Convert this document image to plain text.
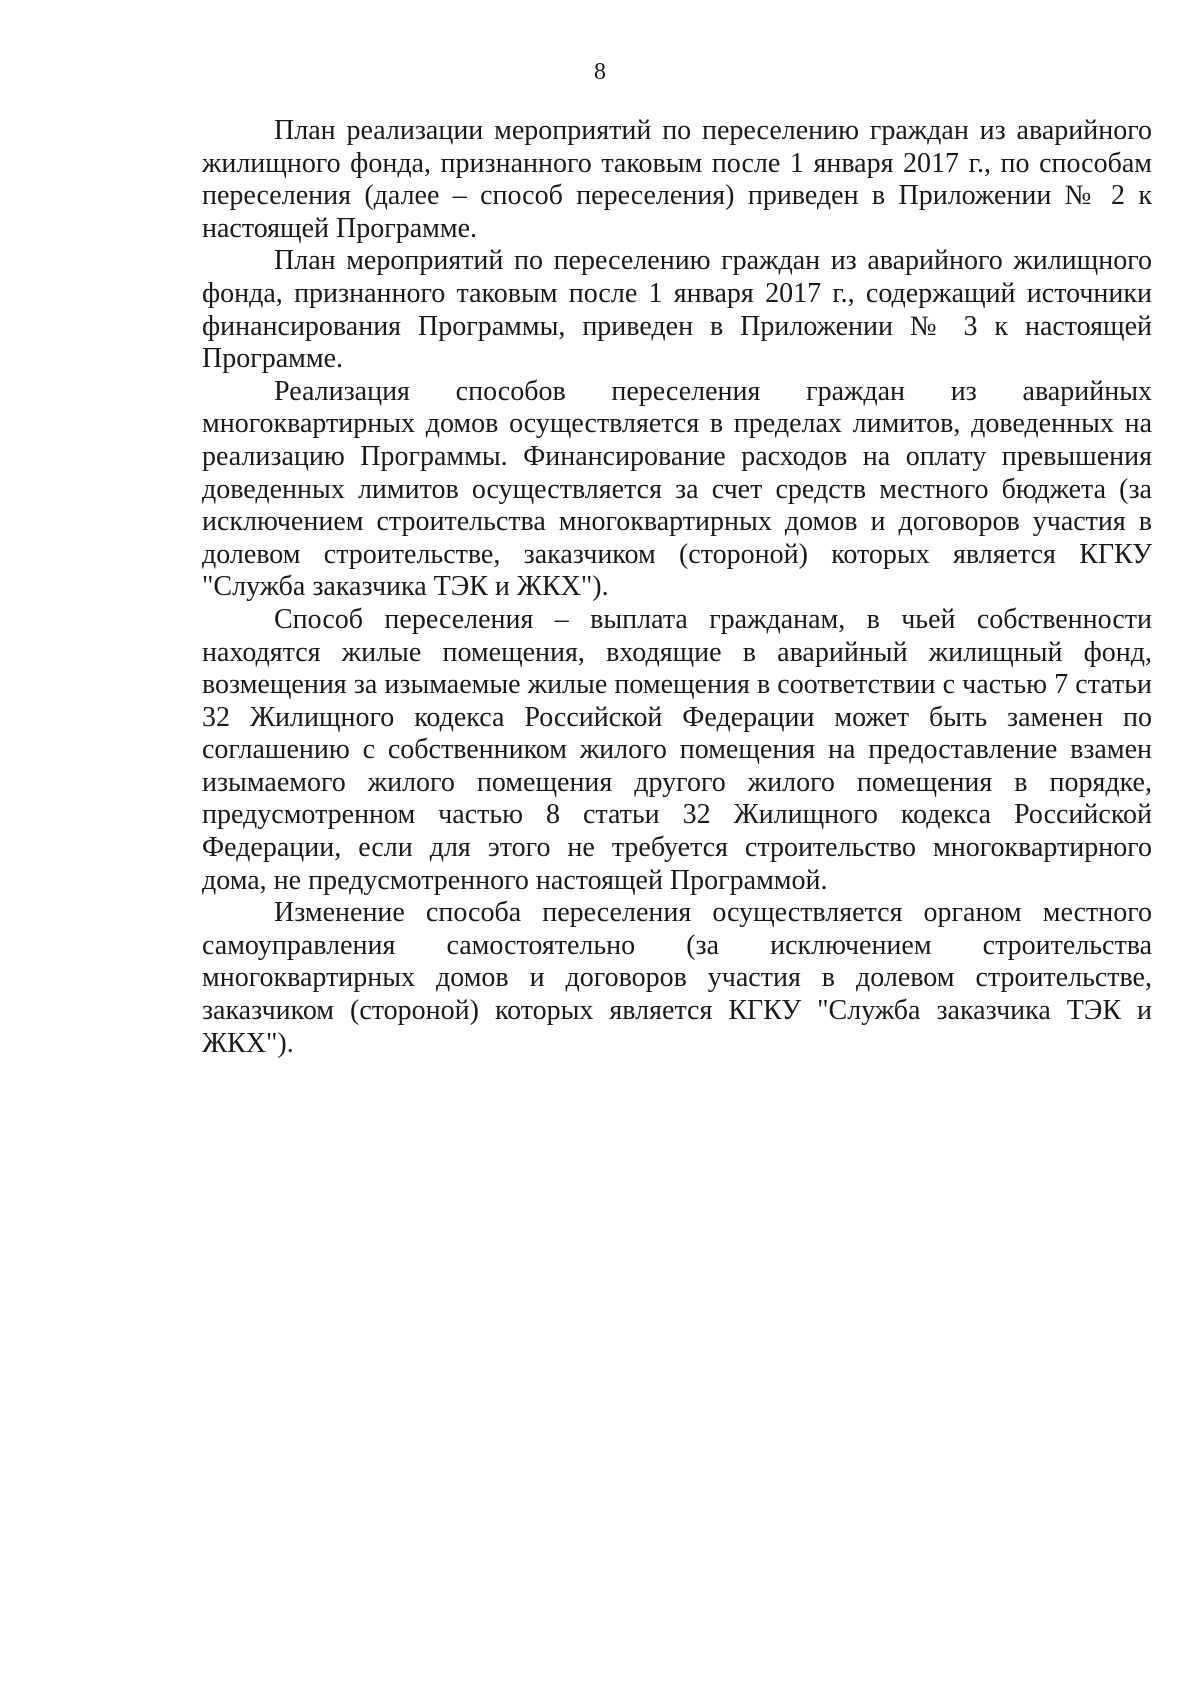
8

План реализации мероприятий по переселению граждан из аварийного жилищного фонда, признанного таковым после 1 января 2017 г., по способам переселения (далее – способ переселения) приведен в Приложении № 2 к настоящей Программе.

План мероприятий по переселению граждан из аварийного жилищного фонда, признанного таковым после 1 января 2017 г., содержащий источники финансирования Программы, приведен в Приложении № 3 к настоящей Программе.

Реализация способов переселения граждан из аварийных многоквартирных домов осуществляется в пределах лимитов, доведенных на реализацию Программы. Финансирование расходов на оплату превышения доведенных лимитов осуществляется за счет средств местного бюджета (за исключением строительства многоквартирных домов и договоров участия в долевом строительстве, заказчиком (стороной) которых является КГКУ "Служба заказчика ТЭК и ЖКХ").

Способ переселения – выплата гражданам, в чьей собственности находятся жилые помещения, входящие в аварийный жилищный фонд, возмещения за изымаемые жилые помещения в соответствии с частью 7 статьи 32 Жилищного кодекса Российской Федерации может быть заменен по соглашению с собственником жилого помещения на предоставление взамен изымаемого жилого помещения другого жилого помещения в порядке, предусмотренном частью 8 статьи 32 Жилищного кодекса Российской Федерации, если для этого не требуется строительство многоквартирного дома, не предусмотренного настоящей Программой.

Изменение способа переселения осуществляется органом местного самоуправления самостоятельно (за исключением строительства многоквартирных домов и договоров участия в долевом строительстве, заказчиком (стороной) которых является КГКУ "Служба заказчика ТЭК и ЖКХ").
